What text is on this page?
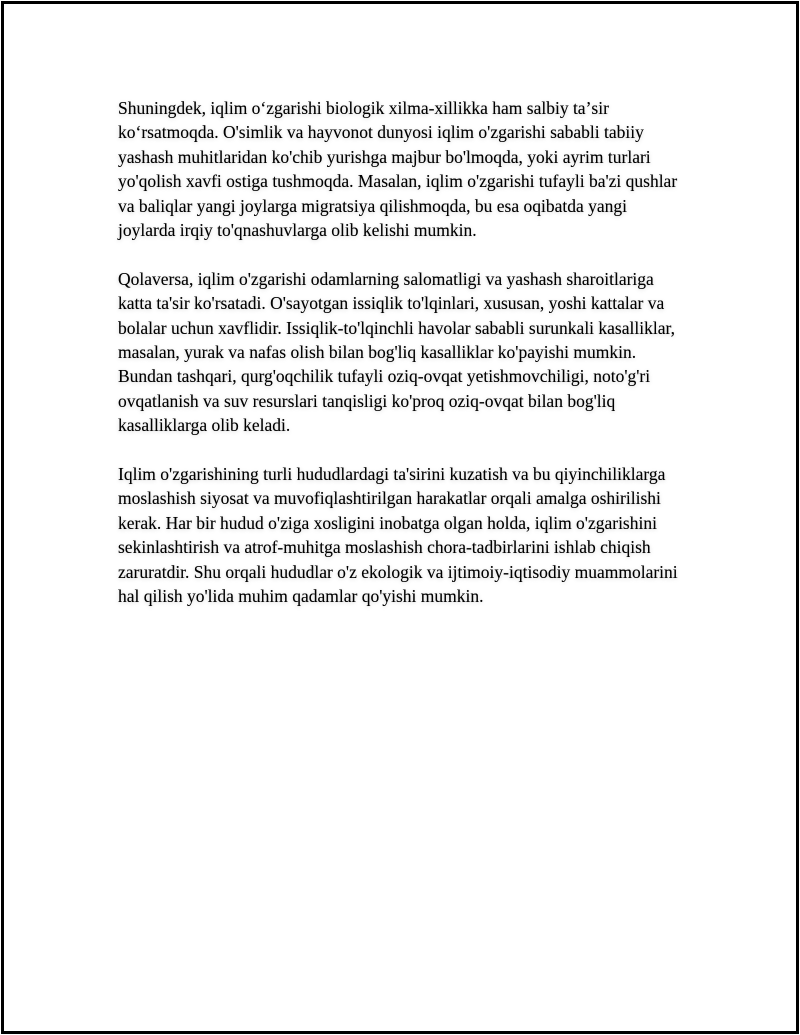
Shuningdek, iqlim oʻzgarishi biologik xilma-xillikka ham salbiy taʼsir koʻrsatmoqda. O'simlik va hayvonot dunyosi iqlim o'zgarishi sababli tabiiy yashash muhitlaridan ko'chib yurishga majbur bo'lmoqda, yoki ayrim turlari yo'qolish xavfi ostiga tushmoqda. Masalan, iqlim o'zgarishi tufayli ba'zi qushlar va baliqlar yangi joylarga migratsiya qilishmoqda, bu esa oqibatda yangi joylarda irqiy to'qnashuvlarga olib kelishi mumkin.

Qolaversa, iqlim o'zgarishi odamlarning salomatligi va yashash sharoitlariga katta ta'sir ko'rsatadi. O'sayotgan issiqlik to'lqinlari, xususan, yoshi kattalar va bolalar uchun xavflidir. Issiqlik-to'lqinchli havolar sababli surunkali kasalliklar, masalan, yurak va nafas olish bilan bog'liq kasalliklar ko'payishi mumkin. Bundan tashqari, qurg'oqchilik tufayli oziq-ovqat yetishmovchiligi, noto'g'ri ovqatlanish va suv resurslari tanqisligi ko'proq oziq-ovqat bilan bog'liq kasalliklarga olib keladi.

Iqlim o'zgarishining turli hududlardagi ta'sirini kuzatish va bu qiyinchiliklarga moslashish siyosat va muvofiqlashtirilgan harakatlar orqali amalga oshirilishi kerak. Har bir hudud o'ziga xosligini inobatga olgan holda, iqlim o'zgarishini sekinlashtirish va atrof-muhitga moslashish chora-tadbirlarini ishlab chiqish zaruratdir. Shu orqali hududlar o'z ekologik va ijtimoiy-iqtisodiy muammolarini hal qilish yo'lida muhim qadamlar qo'yishi mumkin.
